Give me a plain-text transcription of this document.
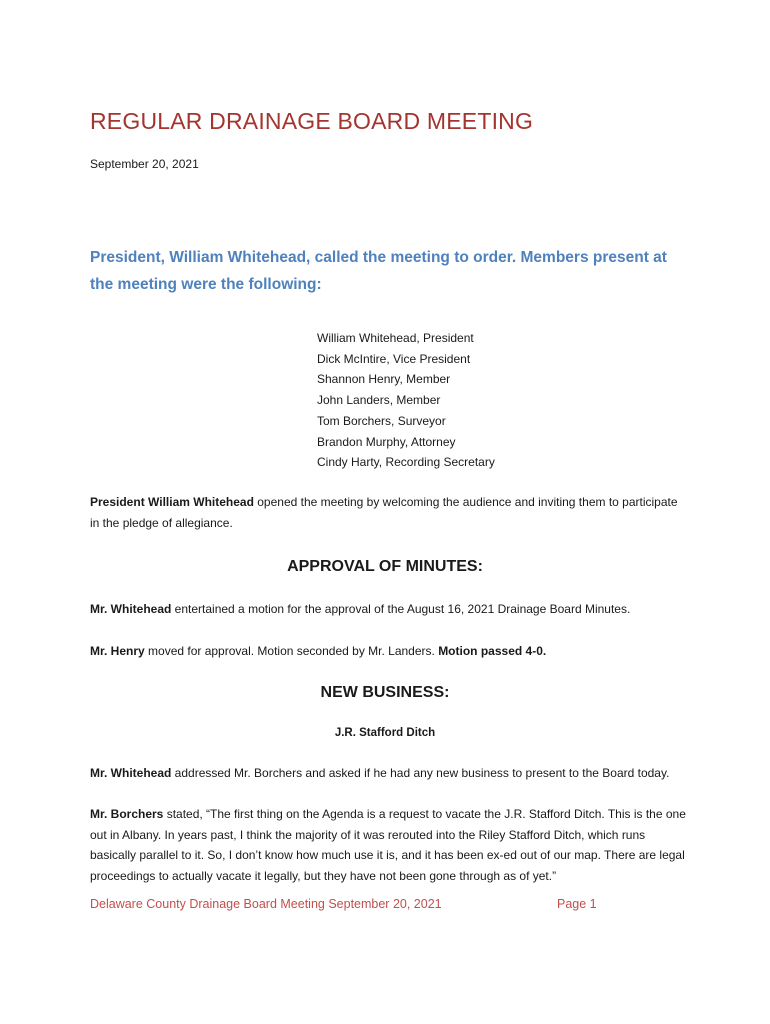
REGULAR DRAINAGE BOARD MEETING
September 20, 2021
President, William Whitehead, called the meeting to order. Members present at the meeting were the following:
William Whitehead, President
Dick McIntire, Vice President
Shannon Henry, Member
John Landers, Member
Tom Borchers, Surveyor
Brandon Murphy, Attorney
Cindy Harty, Recording Secretary

President William Whitehead opened the meeting by welcoming the audience and inviting them to participate in the pledge of allegiance.

APPROVAL OF MINUTES:

Mr. Whitehead entertained a motion for the approval of the August 16, 2021 Drainage Board Minutes.

Mr. Henry moved for approval. Motion seconded by Mr. Landers. Motion passed 4-0.

NEW BUSINESS:
J.R. Stafford Ditch

Mr. Whitehead addressed Mr. Borchers and asked if he had any new business to present to the Board today.

Mr. Borchers stated, “The first thing on the Agenda is a request to vacate the J.R. Stafford Ditch. This is the one out in Albany. In years past, I think the majority of it was rerouted into the Riley Stafford Ditch, which runs basically parallel to it. So, I don’t know how much use it is, and it has been ex-ed out of our map. There are legal proceedings to actually vacate it legally, but they have not been gone through as of yet.”

Delaware County Drainage Board Meeting September 20, 2021	Page 1
